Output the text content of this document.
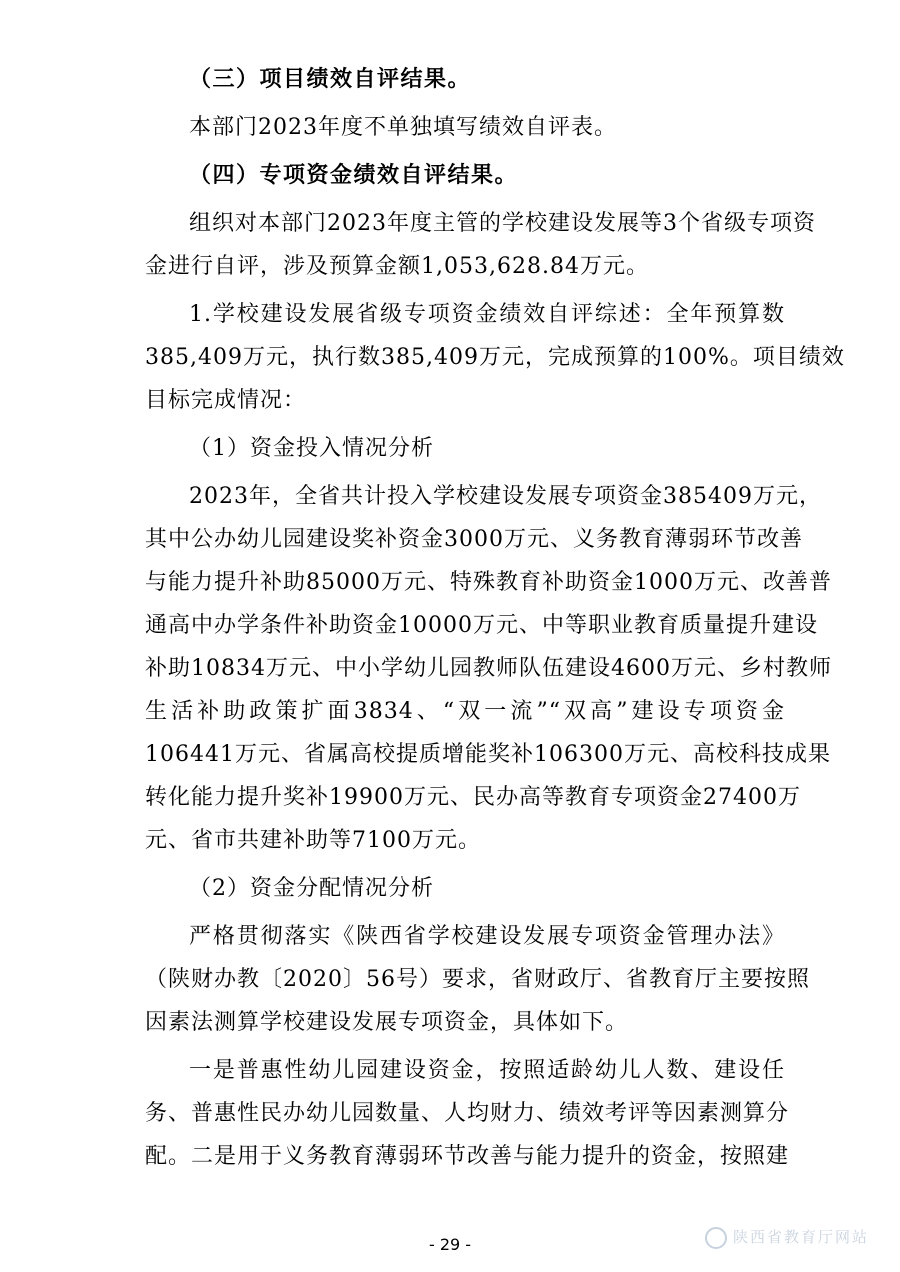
（三）项目绩效自评结果。
本部门2023年度不单独填写绩效自评表。
（四）专项资金绩效自评结果。
组织对本部门2023年度主管的学校建设发展等3个省级专项资
金进行自评，涉及预算金额1,053,628.84万元。
1.学校建设发展省级专项资金绩效自评综述：全年预算数
385,409万元，执行数385,409万元，完成预算的100%。项目绩效
目标完成情况：
（1）资金投入情况分析
2023年，全省共计投入学校建设发展专项资金385409万元，
其中公办幼儿园建设奖补资金3000万元、义务教育薄弱环节改善
与能力提升补助85000万元、特殊教育补助资金1000万元、改善普
通高中办学条件补助资金10000万元、中等职业教育质量提升建设
补助10834万元、中小学幼儿园教师队伍建设4600万元、乡村教师
生活补助政策扩面3834、“双一流”“双高”建设专项资金
106441万元、省属高校提质增能奖补106300万元、高校科技成果
转化能力提升奖补19900万元、民办高等教育专项资金27400万
元、省市共建补助等7100万元。
（2）资金分配情况分析
严格贯彻落实《陕西省学校建设发展专项资金管理办法》
（陕财办教〔2020〕56号）要求，省财政厅、省教育厅主要按照
因素法测算学校建设发展专项资金，具体如下。
一是普惠性幼儿园建设资金，按照适龄幼儿人数、建设任
务、普惠性民办幼儿园数量、人均财力、绩效考评等因素测算分
配。二是用于义务教育薄弱环节改善与能力提升的资金，按照建
- 29 -	陕西省教育厅网站
